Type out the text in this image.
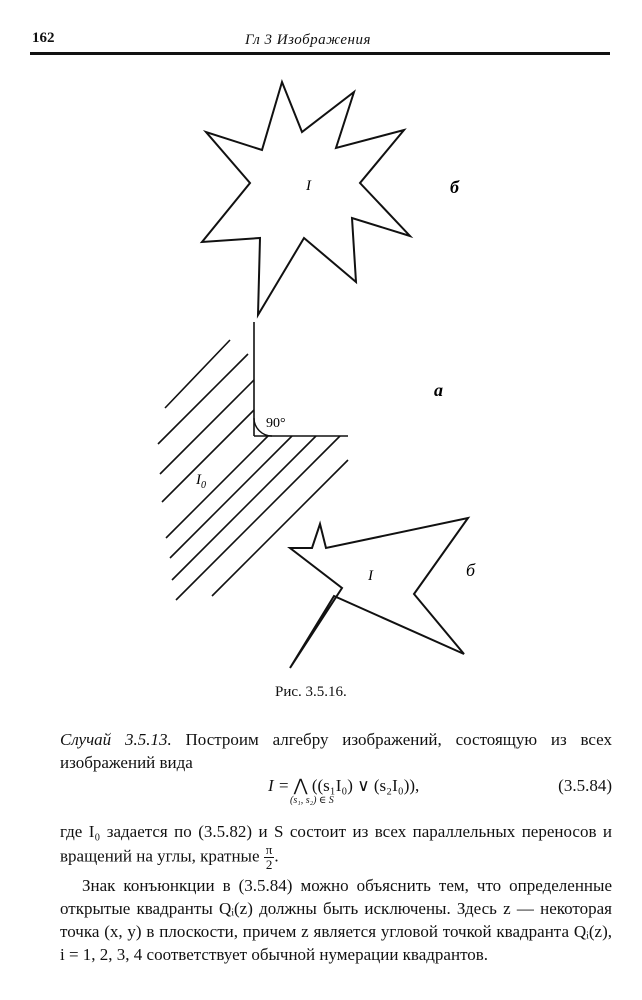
162	Гл 3 Изображения
I	б
90°
$I_0$
а
I	б
Рис. 3.5.16.
Случай 3.5.13. Построим алгебру изображений, состоящую из всех изображений вида
I = ⋀ ((s₁I₀) ∨ (s₂I₀)),
(s₁, s₂) ∈ S
(3.5.84)
где I₀ задается по (3.5.82) и S состоит из всех параллельных переносов и вращений на углы, кратные $\frac{\pi}{2}$ .
Знак конъюнкции в (3.5.84) можно объяснить тем, что определенные открытые квадранты Qᵢ(z) должны быть исключены. Здесь z — некоторая точка (x, y) в плоскости, причем z является угловой точкой квадранта Qᵢ(z), i = 1, 2, 3, 4 соответствует обычной нумерации квадрантов.
